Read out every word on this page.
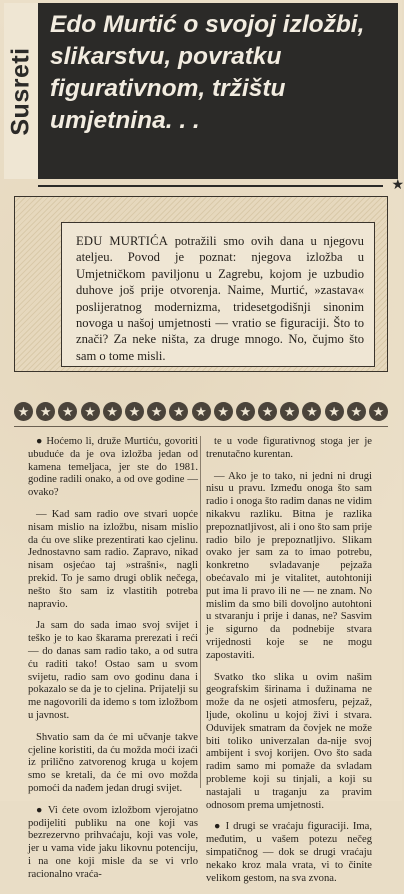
Susreti
Edo Murtić o svojoj izložbi, slikarstvu, povratku figurativnom, tržištu umjetnina. . .
★

EDU MURTIĆA potražili smo ovih dana u njegovu ateljeu. Povod je poznat: njegova izložba u Umjetničkom paviljonu u Zagrebu, kojom je uzbudio duhove još prije otvorenja. Naime, Murtić, »zastava« poslijeratnog modernizma, tridesetgodišnji sinonim novoga u našoj umjetnosti — vratio se figuraciji. Što to znači? Za neke ništa, za druge mnogo. No, čujmo što sam o tome misli.

★ ★ ★ ★ ★ ★ ★ ★ ★ ★ ★ ★ ★ ★ ★ ★ ★

● Hoćemo li, druže Murtiću, govoriti ubuduće da je ova izložba jedan od kamena temeljaca, jer ste do 1981. godine radili onako, a od ove godine — ovako?

— Kad sam radio ove stvari uopće nisam mislio na izložbu, nisam mislio da ću ove slike prezentirati kao cjelinu. Jednostavno sam radio. Zapravo, nikad nisam osjećao taj »strašni«, nagli prekid. To je samo drugi oblik nečega, nešto što sam iz vlastitih potreba napravio.

Ja sam do sada imao svoj svijet i teško je to kao škarama prerezati i reći — do danas sam radio tako, a od sutra ću raditi tako! Ostao sam u svom svijetu, radio sam ovo godinu dana i pokazalo se da je to cjelina. Prijatelji su me nagovorili da idemo s tom izložbom u javnost.

Shvatio sam da će mi učvanje takve cjeline koristiti, da ću možda moći izaći iz prilično zatvorenog kruga u kojem smo se kretali, da će mi ovo možda pomoći da nađem jedan drugi svijet.

● Vi ćete ovom izložbom vjerojatno podijeliti publiku na one koji vas bezrezervno prihvaćaju, koji vas vole, jer u vama vide jaku likovnu potenciju, i na one koji misle da se vi vrlo racionalno vraća-

te u vode figurativnog stoga jer je trenutačno kurentan.

— Ako je to tako, ni jedni ni drugi nisu u pravu. Između onoga što sam radio i onoga što radim danas ne vidim nikakvu razliku. Bitna je razlika prepoznatljivost, ali i ono što sam prije radio bilo je prepoznatljivo. Slikam ovako jer sam za to imao potrebu, konkretno svladavanje pejzaža obećavalo mi je vitalitet, autohtoniji put ima li pravo ili ne — ne znam. No mislim da smo bili dovoljno autohtoni u stvaranju i prije i danas, ne? Sasvim je sigurno da podnebije stvara vrijednosti koje se ne mogu zapostaviti.

Svatko tko slika u ovim našim geografskim širinama i dužinama ne može da ne osjeti atmosferu, pejzaž, ljude, okolinu u kojoj živi i stvara. Oduvijek smatram da čovjek ne može biti toliko univerzalan da-nije svoj ambijent i svoj korijen. Ovo što sada radim samo mi pomaže da svladam probleme koji su tinjali, a koji su nastajali u traganju za pravim odnosom prema umjetnosti.

● I drugi se vraćaju figuraciji. Ima, međutim, u vašem potezu nečeg simpatičnog — dok se drugi vraćaju nekako kroz mala vrata, vi to činite velikom gestom, na sva zvona.
